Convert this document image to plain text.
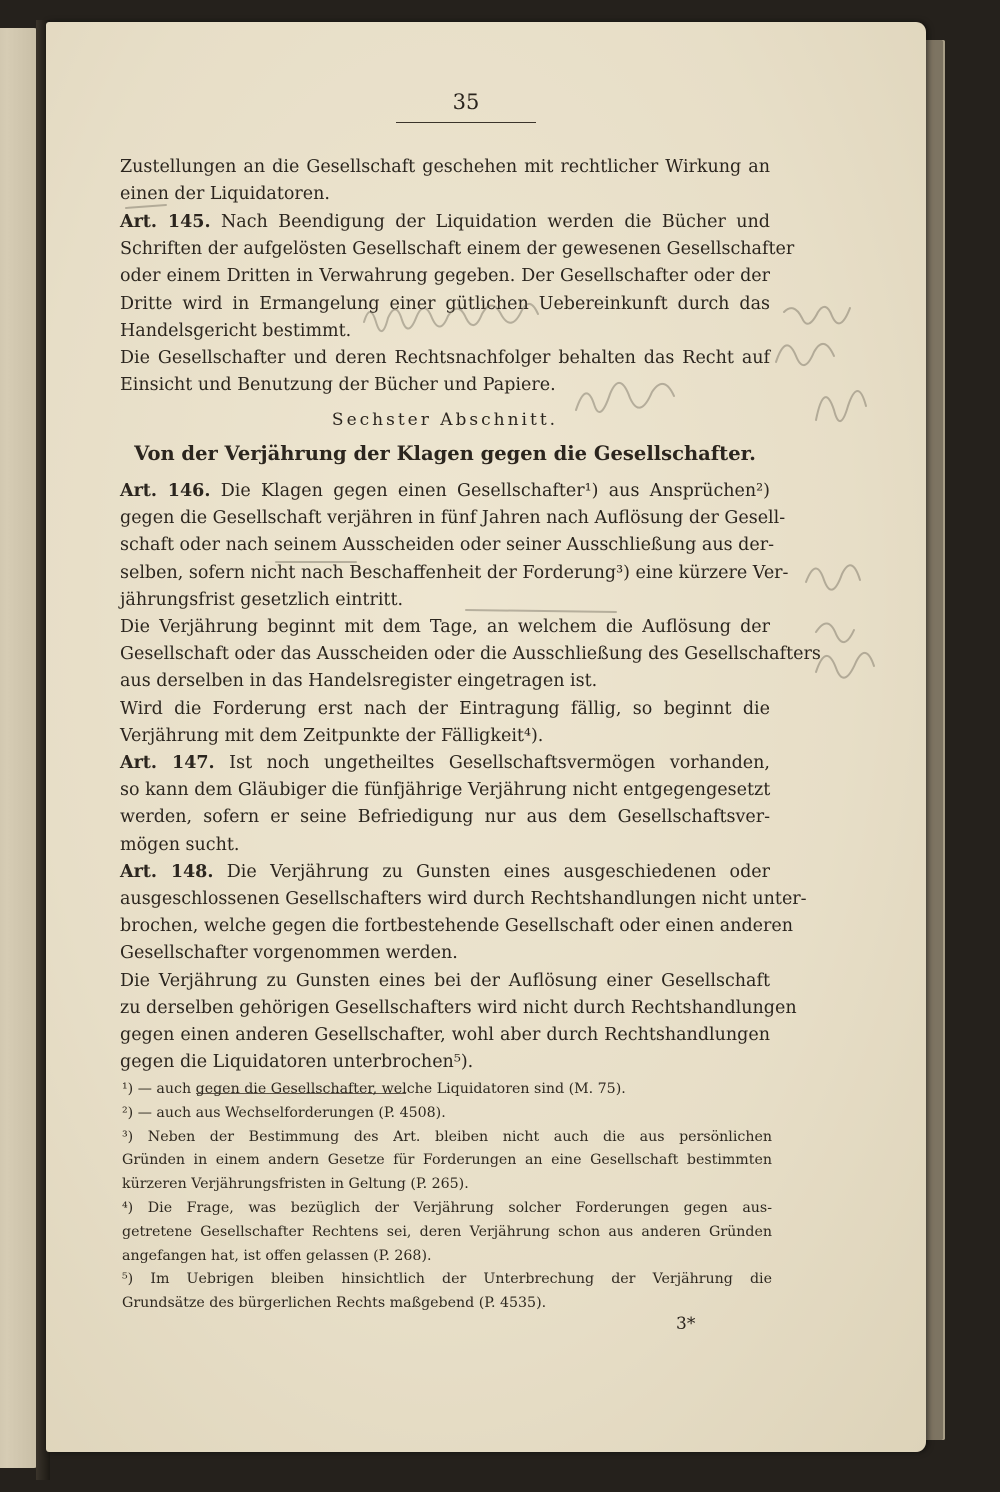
35
Zustellungen an die Gesellschaft geschehen mit rechtlicher Wirkung an
einen der Liquidatoren.
Art. 145. Nach Beendigung der Liquidation werden die Bücher und
Schriften der aufgelösten Gesellschaft einem der gewesenen Gesellschafter
oder einem Dritten in Verwahrung gegeben. Der Gesellschafter oder der
Dritte wird in Ermangelung einer gütlichen Uebereinkunft durch das
Handelsgericht bestimmt.
Die Gesellschafter und deren Rechtsnachfolger behalten das Recht auf
Einsicht und Benutzung der Bücher und Papiere.
Sechster Abschnitt.
Von der Verjährung der Klagen gegen die Gesellschafter.
Art. 146. Die Klagen gegen einen Gesellschafter¹) aus Ansprüchen²)
gegen die Gesellschaft verjähren in fünf Jahren nach Auflösung der Gesell-
schaft oder nach seinem Ausscheiden oder seiner Ausschließung aus der-
selben, sofern nicht nach Beschaffenheit der Forderung³) eine kürzere Ver-
jährungsfrist gesetzlich eintritt.
Die Verjährung beginnt mit dem Tage, an welchem die Auflösung der
Gesellschaft oder das Ausscheiden oder die Ausschließung des Gesellschafters
aus derselben in das Handelsregister eingetragen ist.
Wird die Forderung erst nach der Eintragung fällig, so beginnt die
Verjährung mit dem Zeitpunkte der Fälligkeit⁴).
Art. 147. Ist noch ungetheiltes Gesellschaftsvermögen vorhanden,
so kann dem Gläubiger die fünfjährige Verjährung nicht entgegengesetzt
werden, sofern er seine Befriedigung nur aus dem Gesellschaftsver-
mögen sucht.
Art. 148. Die Verjährung zu Gunsten eines ausgeschiedenen oder
ausgeschlossenen Gesellschafters wird durch Rechtshandlungen nicht unter-
brochen, welche gegen die fortbestehende Gesellschaft oder einen anderen
Gesellschafter vorgenommen werden.
Die Verjährung zu Gunsten eines bei der Auflösung einer Gesellschaft
zu derselben gehörigen Gesellschafters wird nicht durch Rechtshandlungen
gegen einen anderen Gesellschafter, wohl aber durch Rechtshandlungen
gegen die Liquidatoren unterbrochen⁵).
¹) — auch gegen die Gesellschafter, welche Liquidatoren sind (M. 75).
²) — auch aus Wechselforderungen (P. 4508).
³) Neben der Bestimmung des Art. bleiben nicht auch die aus persönlichen
Gründen in einem andern Gesetze für Forderungen an eine Gesellschaft bestimmten
kürzeren Verjährungsfristen in Geltung (P. 265).
⁴) Die Frage, was bezüglich der Verjährung solcher Forderungen gegen aus-
getretene Gesellschafter Rechtens sei, deren Verjährung schon aus anderen Gründen
angefangen hat, ist offen gelassen (P. 268).
⁵) Im Uebrigen bleiben hinsichtlich der Unterbrechung der Verjährung die
Grundsätze des bürgerlichen Rechts maßgebend (P. 4535).
3*
